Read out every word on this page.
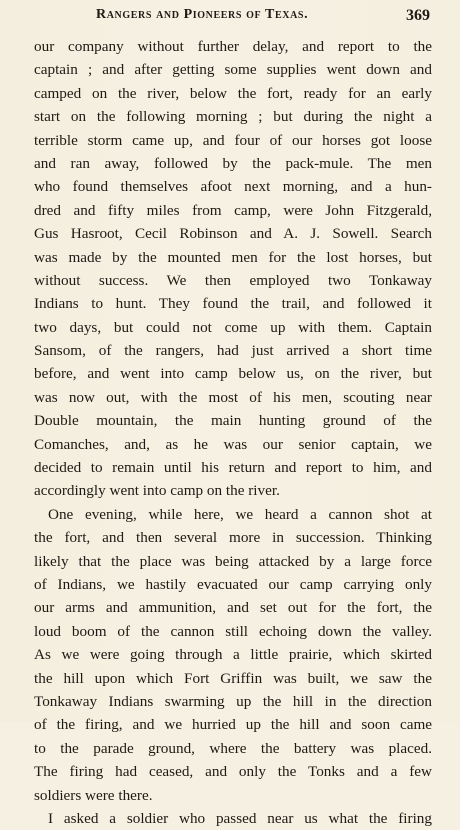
Rangers and Pioneers of Texas.	369
our company without further delay, and report to the
captain ; and after getting some supplies went down and
camped on the river, below the fort, ready for an early
start on the following morning ; but during the night a
terrible storm came up, and four of our horses got loose
and ran away, followed by the pack-mule. The men
who found themselves afoot next morning, and a hun-
dred and fifty miles from camp, were John Fitzgerald,
Gus Hasroot, Cecil Robinson and A. J. Sowell. Search
was made by the mounted men for the lost horses, but
without success. We then employed two Tonkaway
Indians to hunt. They found the trail, and followed it
two days, but could not come up with them. Captain
Sansom, of the rangers, had just arrived a short time
before, and went into camp below us, on the river, but
was now out, with the most of his men, scouting near
Double mountain, the main hunting ground of the
Comanches, and, as he was our senior captain, we
decided to remain until his return and report to him, and
accordingly went into camp on the river.
One evening, while here, we heard a cannon shot at
the fort, and then several more in succession. Thinking
likely that the place was being attacked by a large force
of Indians, we hastily evacuated our camp carrying only
our arms and ammunition, and set out for the fort, the
loud boom of the cannon still echoing down the valley.
As we were going through a little prairie, which skirted
the hill upon which Fort Griffin was built, we saw the
Tonkaway Indians swarming up the hill in the direction
of the firing, and we hurried up the hill and soon came
to the parade ground, where the battery was placed.
The firing had ceased, and only the Tonks and a few
soldiers were there.
I asked a soldier who passed near us what the firing
